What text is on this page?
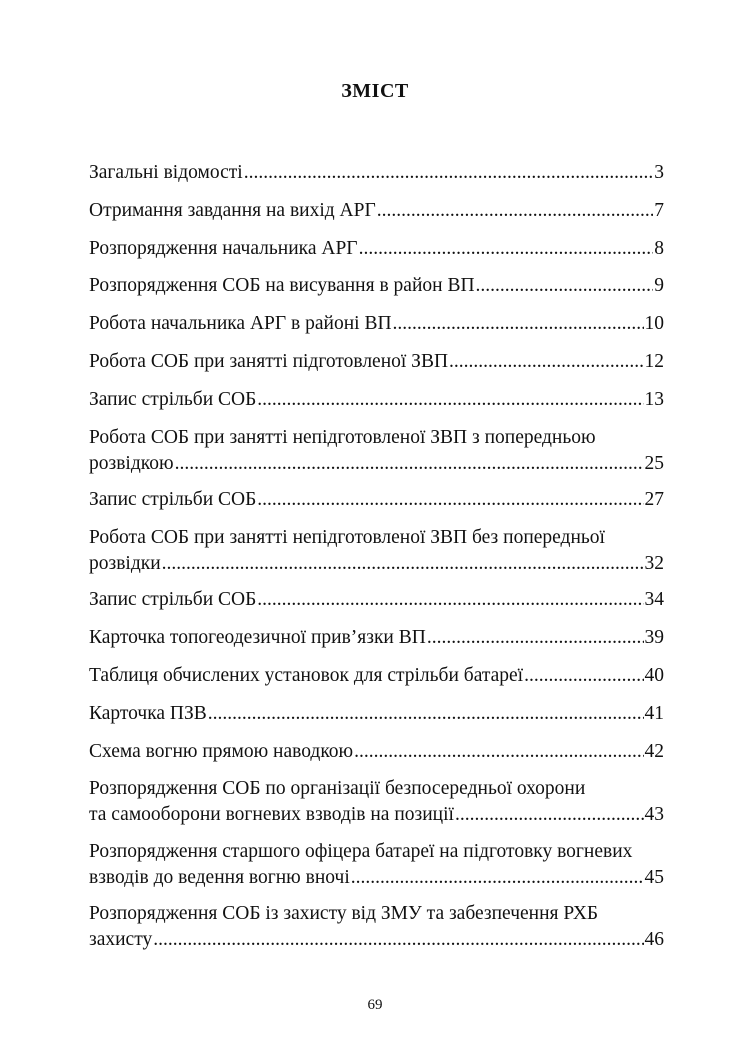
ЗМІСТ
Загальні відомості .....	3
Отримання завдання на вихід АРГ .....	7
Розпорядження начальника АРГ .....	8
Розпорядження СОБ на висування в район ВП .....	9
Робота начальника АРГ в районі ВП .....	10
Робота СОБ при занятті підготовленої ЗВП .....	12
Запис стрільби СОБ .....	13
Робота СОБ при занятті непідготовленої ЗВП з попередньою
розвідкою .....	25
Запис стрільби СОБ .....	27
Робота СОБ при занятті непідготовленої ЗВП без попередньої
розвідки .....	32
Запис стрільби СОБ .....	34
Карточка топогеодезичної прив’язки ВП .....	39
Таблиця обчислених установок для стрільби батареї .....	40
Карточка ПЗВ .....	41
Схема вогню прямою наводкою .....	42
Розпорядження СОБ по організації безпосередньої охорони
та самооборони вогневих взводів на позиції .....	43
Розпорядження старшого офіцера батареї на підготовку вогневих
взводів до ведення вогню вночі .....	45
Розпорядження СОБ із захисту від ЗМУ та забезпечення РХБ
захисту .....	46
69
